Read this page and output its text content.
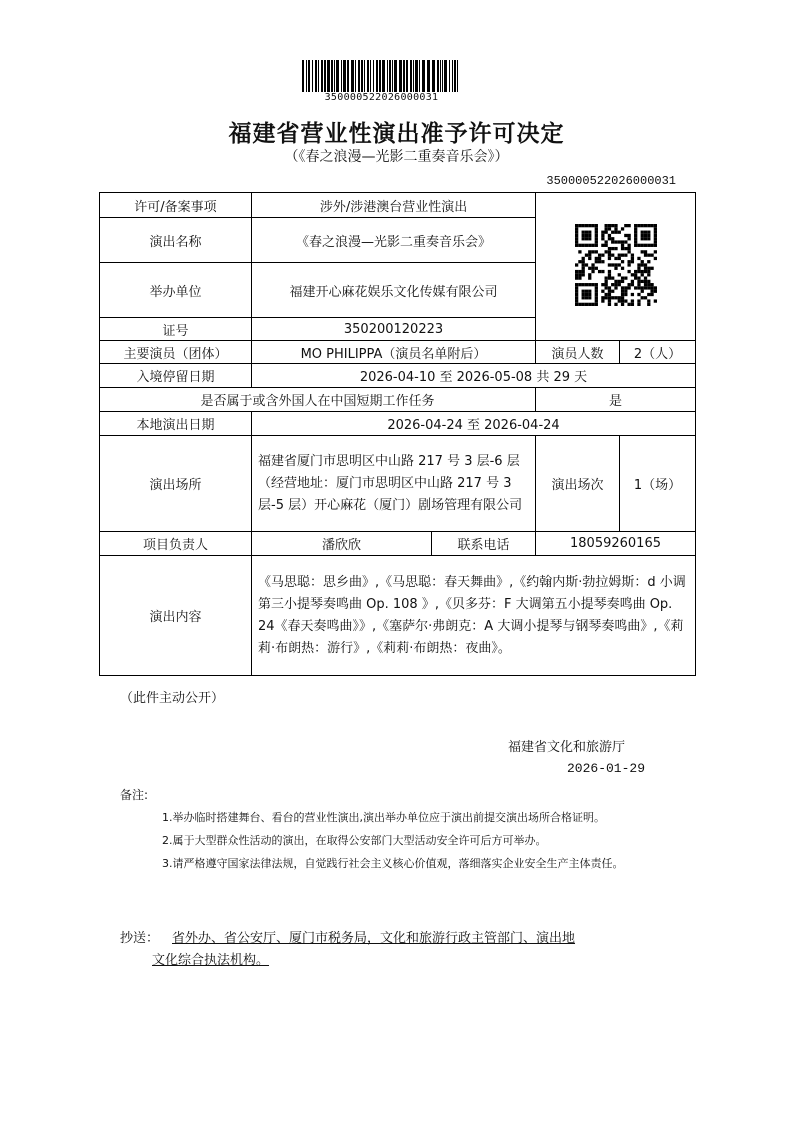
350000522026000031
福建省营业性演出准予许可决定
（《春之浪漫—光影二重奏音乐会》）
350000522026000031
许可/备案事项	涉外/涉港澳台营业性演出	
演出名称	《春之浪漫—光影二重奏音乐会》			
举办单位	福建开心麻花娱乐文化传媒有限公司			
证号	350200120223			
主要演员（团体）	MO PHILIPPA（演员名单附后）		演员人数	2（人）
入境停留日期	2026-04-10 至 2026-05-08 共 29 天			
是否属于或含外国人在中国短期工作任务			是	
本地演出日期	2026-04-24 至 2026-04-24			
演出场所	福建省厦门市思明区中山路 217 号 3 层-6 层（经营地址：厦门市思明区中山路 217 号 3 层-5 层）开心麻花（厦门）剧场管理有限公司		演出场次	1（场）
项目负责人	潘欣欣	联系电话	18059260165	
演出内容	《马思聪：思乡曲》,《马思聪：春天舞曲》,《约翰内斯·勃拉姆斯：d 小调第三小提琴奏鸣曲 Op. 108 》,《贝多芬：F 大调第五小提琴奏鸣曲 Op. 24《春天奏鸣曲》》,《塞萨尔·弗朗克：A 大调小提琴与钢琴奏鸣曲》,《莉莉·布朗热：游行》,《莉莉·布朗热：夜曲》。			
（此件主动公开）
福建省文化和旅游厅
2026-01-29
备注:
1.举办临时搭建舞台、看台的营业性演出,演出举办单位应于演出前提交演出场所合格证明。
2.属于大型群众性活动的演出，在取得公安部门大型活动安全许可后方可举办。
3.请严格遵守国家法律法规，自觉践行社会主义核心价值观，落细落实企业安全生产主体责任。
抄送： 省外办、省公安厅、厦门市税务局，文化和旅游行政主管部门、演出地
文化综合执法机构。
